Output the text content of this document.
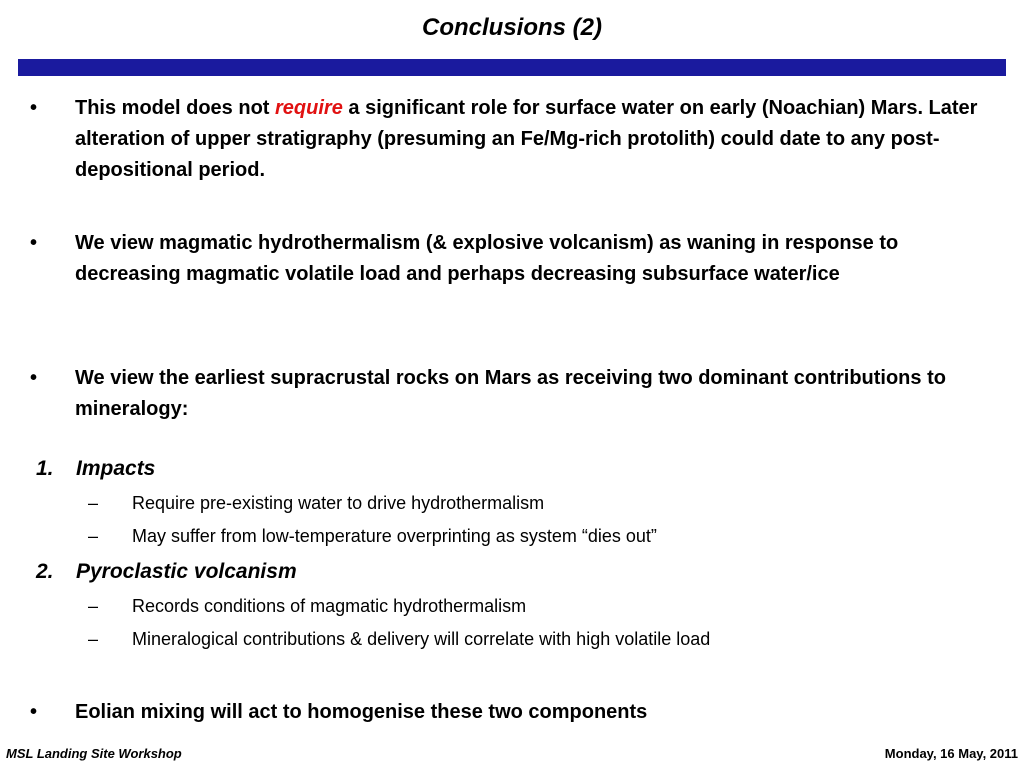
Conclusions (2)
• This model does not require a significant role for surface water on early (Noachian) Mars. Later alteration of upper stratigraphy (presuming an Fe/Mg-rich protolith) could date to any post-depositional period.
• We view magmatic hydrothermalism (& explosive volcanism) as waning in response to decreasing magmatic volatile load and perhaps decreasing subsurface water/ice
• We view the earliest supracrustal rocks on Mars as receiving two dominant contributions to mineralogy:
1. Impacts
– Require pre-existing water to drive hydrothermalism
– May suffer from low-temperature overprinting as system “dies out”
2. Pyroclastic volcanism
– Records conditions of magmatic hydrothermalism
– Mineralogical contributions & delivery will correlate with high volatile load
• Eolian mixing will act to homogenise these two components
MSL Landing Site Workshop	Monday, 16 May, 2011
